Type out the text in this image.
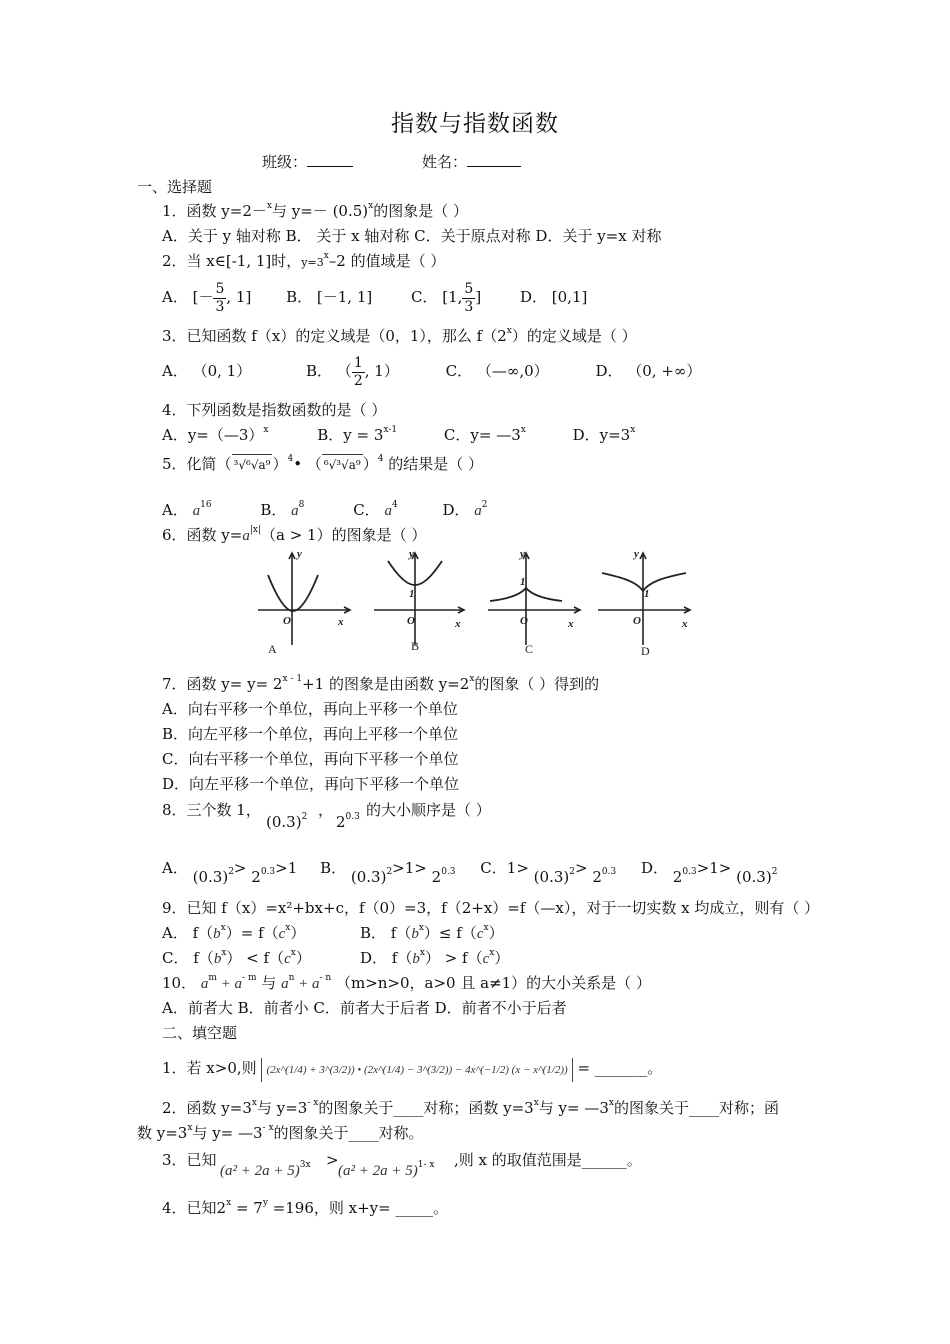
指数与指数函数
班级：	姓名：
一、选择题
1．函数 y=2－$^x$与 $y=- (0.5)^x$的图象是（ ）
A．关于 y 轴对称 B． 关于 x 轴对称 C．关于原点对称 D．关于 y=x 对称
2．当 x∈[-1, 1]时，$y=3^x-2$ 的值域是（ ）
A． [－ $\frac{5}{3}$ , 1] B． [－1, 1]	C． [1, $\frac{5}{3}$ ]	D． [0,1]
3．已知函数 f（x）的定义域是（0，1），那么 f（2$^x$）的定义域是（ ）
A． （0, 1）	B． （ $\frac{1}{2}$ , 1）	C． （—∞,0）	D． （0, +∞）
4．下列函数是指数函数的是（ ）
A．y=（—3）$^x$	B．$y = 3^{x-1}$	C．$y= —3^x$	D．$y=3^x$
5．化简（ ³√⁶√a⁹ ）$^4$• （ ⁶√³√a⁹ ）$^4$ 的结果是（ ）
A． $a^{16}$	B． $a^8$	C． $a^4$	D． $a^2$
6．函数 $y=a^{|x|}(a > 1)$的图象是（ ）
y
x
O
y
x
O
1
y
x
O
1
y
x
O
1
A	B	C	D
7．函数 $y= y= 2^{x - 1}+1$ 的图象是由函数 $y=2^x$的图象（ ）得到的
A．向右平移一个单位，再向上平移一个单位
B．向左平移一个单位，再向上平移一个单位
C．向右平移一个单位，再向下平移一个单位
D．向左平移一个单位，再向下平移一个单位
8．三个数 1，
$(0.3)^2$ ，
$2^{0.3}$ 的大小顺序是（ ）
A． $(0.3)^2> 2^{0.3}>1$ B． $(0.3)^2>1> 2^{0.3}$ C．$1> (0.3)^2> 2^{0.3}$ D． $2^{0.3}>1> (0.3)^2$
9．已知 f（x）=x²+bx+c，f（0）=3，f（2+x）=f（—x），对于一切实数 x 均成立，则有（ ）
A． $f(b^x)= f(c^x)$	B． $f(b^x)\le f(c^x)$
C． $f(b^x) < f(c^x)$	D． $f(b^x) > f(c^x)$
10． $a^m + a^{- m}$ 与 $a^n + a^{- n}$ （m>n>0，a>0 且 a≠1）的大小关系是（ ）
A．前者大 B．前者小 C．前者大于后者 D．前者不小于后者
二、填空题
1．若 x>0,则 (2x^(1/4) + 3^(3/2)) • (2x^(1/4) − 3^(3/2)) − 4x^(−1/2) (x − x^(1/2)) = _______。
2．函数 $y=3^x$与 $y=3^{- x}$的图象关于____对称；函数 $y=3^x$与 $y= —3^x$的图象关于____对称；函
数 $y=3^x$与 $y= —3^{- x}$的图象关于____对称。
3．已知
$(a^2 + 2a + 5)^{3x}$ >
$(a^2 + 2a + 5)^{1- x}$ ,则 x 的取值范围是______。
4．已知$2^x = 7^y =196$，则 x+y= _____。
